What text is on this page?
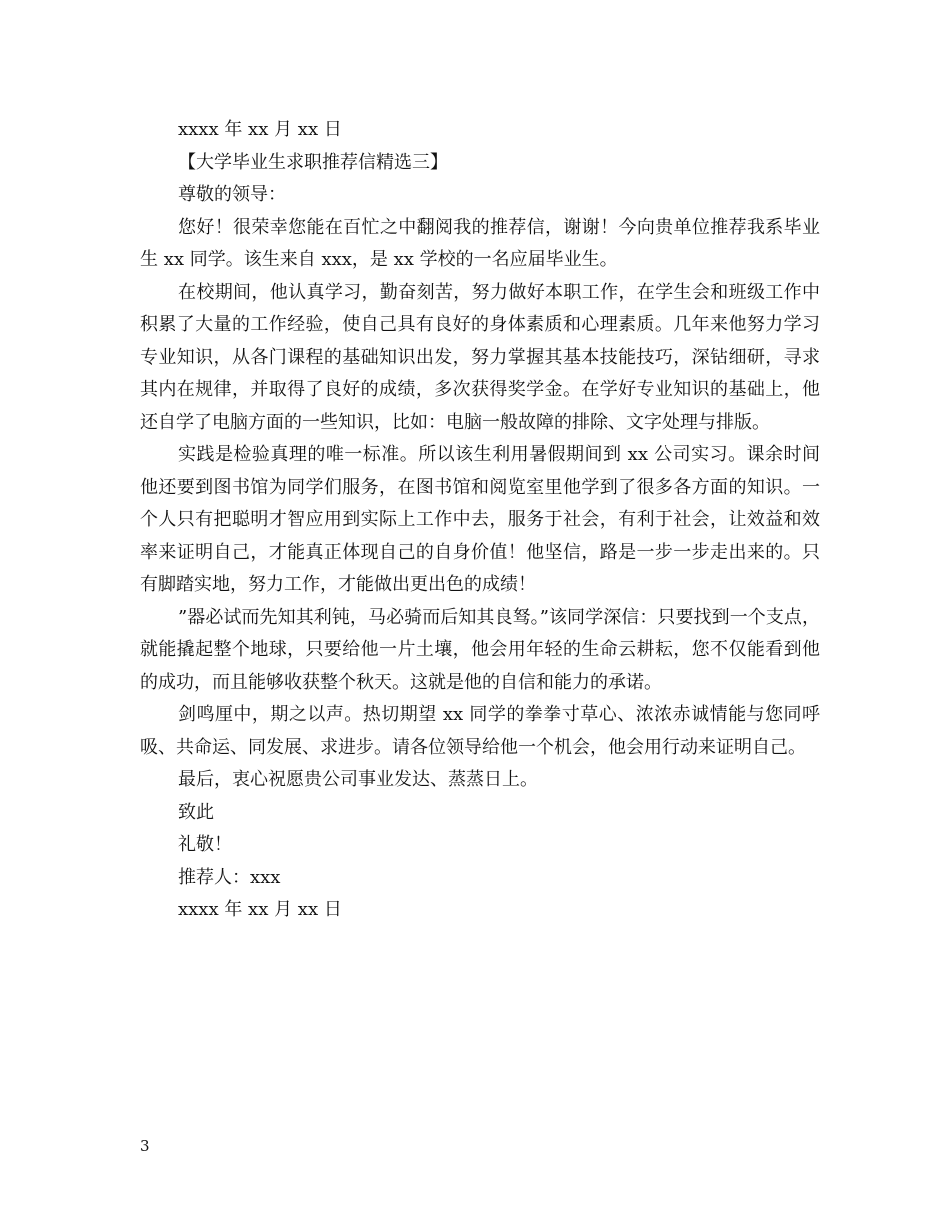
xxxx 年 xx 月 xx 日
【大学毕业生求职推荐信精选三】
尊敬的领导：

您好！很荣幸您能在百忙之中翻阅我的推荐信，谢谢！今向贵单位推荐我系毕业生 xx 同学。该生来自 xxx，是 xx 学校的一名应届毕业生。

在校期间，他认真学习，勤奋刻苦，努力做好本职工作，在学生会和班级工作中积累了大量的工作经验，使自己具有良好的身体素质和心理素质。几年来他努力学习专业知识，从各门课程的基础知识出发，努力掌握其基本技能技巧，深钻细研，寻求其内在规律，并取得了良好的成绩，多次获得奖学金。在学好专业知识的基础上，他还自学了电脑方面的一些知识，比如：电脑一般故障的排除、文字处理与排版。

实践是检验真理的唯一标准。所以该生利用暑假期间到 xx 公司实习。课余时间他还要到图书馆为同学们服务，在图书馆和阅览室里他学到了很多各方面的知识。一个人只有把聪明才智应用到实际上工作中去，服务于社会，有利于社会，让效益和效率来证明自己，才能真正体现自己的自身价值！他坚信，路是一步一步走出来的。只有脚踏实地，努力工作，才能做出更出色的成绩！

”器必试而先知其利钝，马必骑而后知其良驽。”该同学深信：只要找到一个支点，就能撬起整个地球，只要给他一片土壤，他会用年轻的生命云耕耘，您不仅能看到他的成功，而且能够收获整个秋天。这就是他的自信和能力的承诺。

剑鸣厘中，期之以声。热切期望 xx 同学的拳拳寸草心、浓浓赤诚情能与您同呼吸、共命运、同发展、求进步。请各位领导给他一个机会，他会用行动来证明自己。

最后，衷心祝愿贵公司事业发达、蒸蒸日上。

致此
礼敬！
推荐人：xxx
xxxx 年 xx 月 xx 日
3
